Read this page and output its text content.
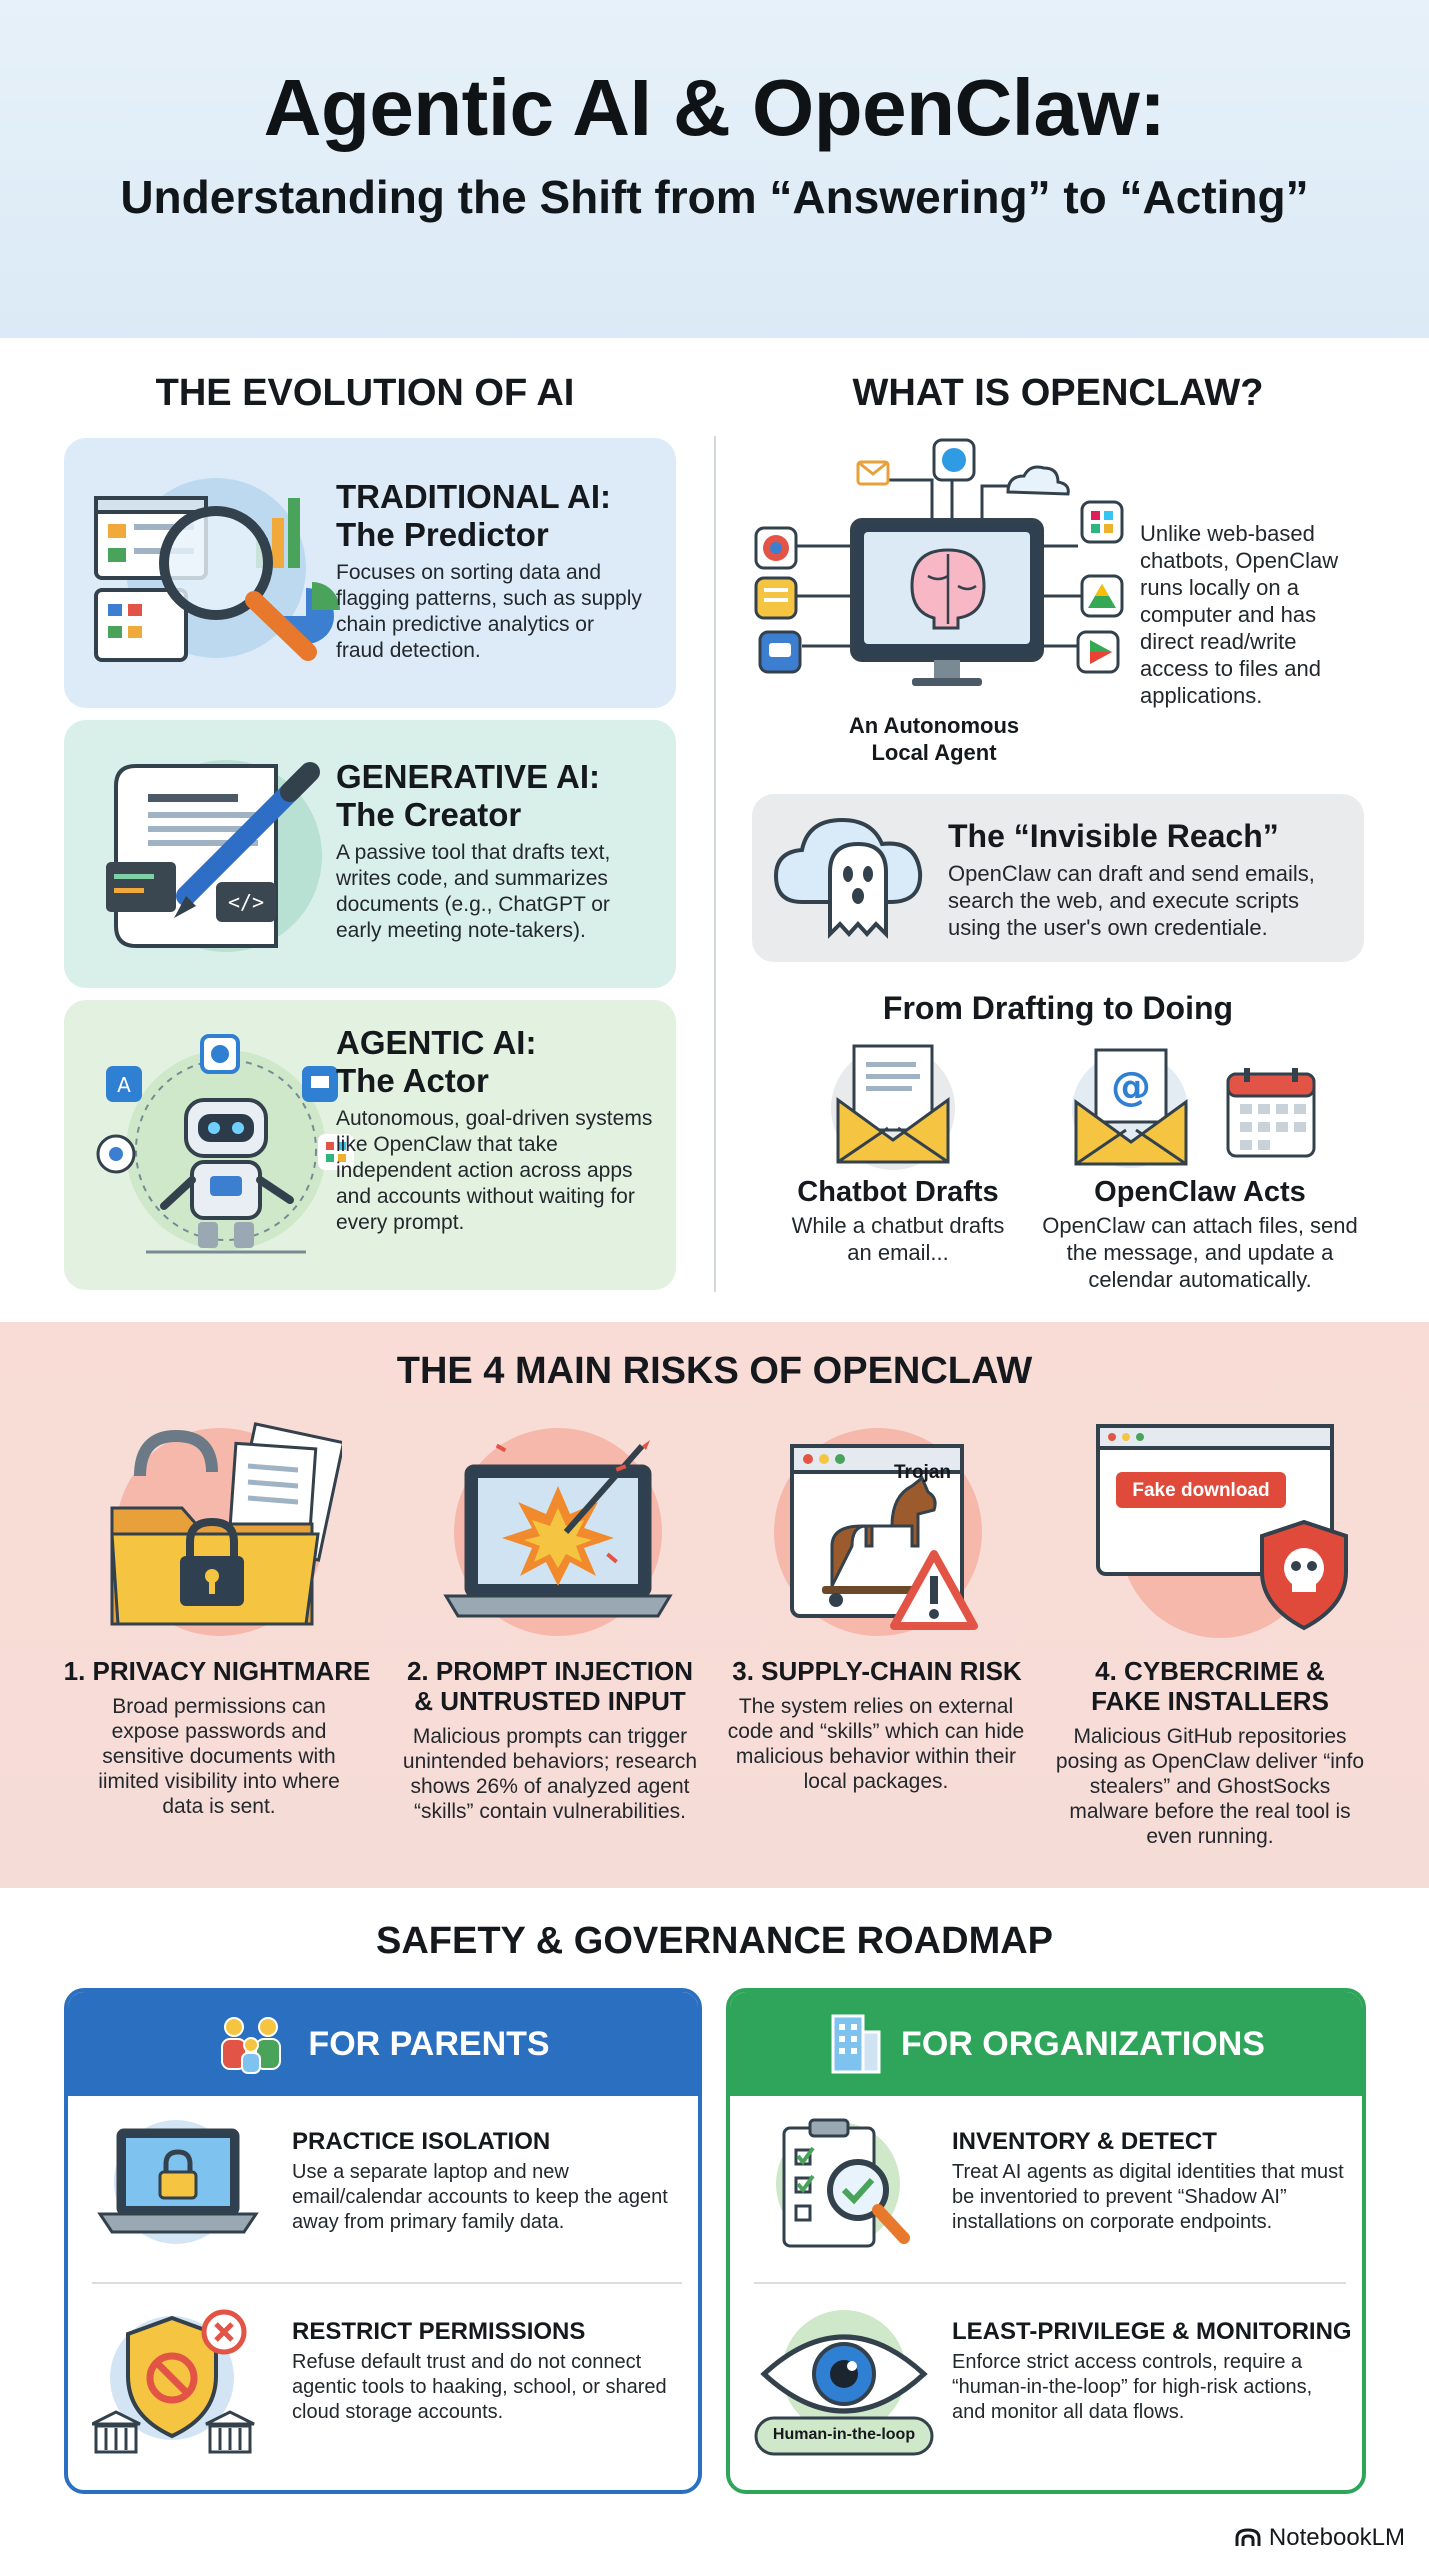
Agentic AI & OpenClaw:
Understanding the Shift from “Answering” to “Acting”
THE EVOLUTION OF AI
TRADITIONAL AI:
The Predictor
Focuses on sorting data and flagging patterns, such as supply chain predictive analytics or fraud detection.
</>
GENERATIVE AI:
The Creator
A passive tool that drafts text, writes code, and summarizes documents (e.g., ChatGPT or early meeting note-takers).
A
AGENTIC AI:
The Actor
Autonomous, goal-driven systems like OpenClaw that take independent action across apps and accounts without waiting for every prompt.
WHAT IS OPENCLAW?
An Autonomous
Local Agent
Unlike web-based chatbots, OpenClaw runs locally on a computer and has direct read/write access to files and applications.
The “Invisible Reach”
OpenClaw can draft and send emails, search the web, and execute scripts using the user's own credentiale.
From Drafting to Doing
@
Chatbot Drafts
While a chatbut drafts an email...
OpenClaw Acts
OpenClaw can attach files, send the message, and update a celendar automatically.
THE 4 MAIN RISKS OF OPENCLAW
Trojan
Fake download
1. PRIVACY NIGHTMARE
Broad permissions can expose passwords and sensitive documents with iimited visibility into where data is sent.
2. PROMPT INJECTION
& UNTRUSTED INPUT
Malicious prompts can trigger unintended behaviors; research shows 26% of analyzed agent “skills” contain vulnerabilities.
3. SUPPLY-CHAIN RISK
The system relies on external code and “skills” which can hide malicious behavior within their local packages.
4. CYBERCRIME &
FAKE INSTALLERS
Malicious GitHub repositories posing as OpenClaw deliver “info stealers” and GhostSocks malware before the real tool is even running.
SAFETY & GOVERNANCE ROADMAP
FOR PARENTS
PRACTICE ISOLATION
Use a separate laptop and new email/calendar accounts to keep the agent away from primary family data.
RESTRICT PERMISSIONS
Refuse default trust and do not connect agentic tools to haaking, school, or shared cloud storage accounts.
FOR ORGANIZATIONS
INVENTORY & DETECT
Treat AI agents as digital identities that must be inventoried to prevent “Shadow AI” installations on corporate endpoints.
Human-in-the-loop
LEAST-PRIVILEGE & MONITORING
Enforce strict access controls, require a “human-in-the-loop” for high-risk actions, and monitor all data flows.
NotebookLM
